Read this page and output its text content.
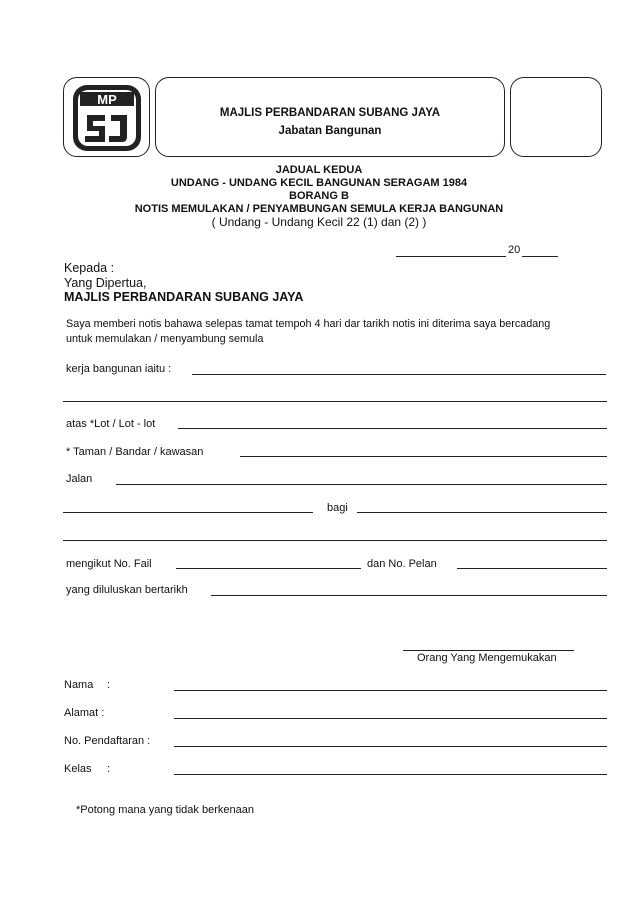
MP
MAJLIS PERBANDARAN SUBANG JAYA
Jabatan Bangunan
JADUAL KEDUA
UNDANG - UNDANG KECIL BANGUNAN SERAGAM 1984
BORANG B
NOTIS MEMULAKAN / PENYAMBUNGAN SEMULA KERJA BANGUNAN
( Undang - Undang Kecil 22 (1) dan (2) )
20
Kepada :
Yang Dipertua,
MAJLIS PERBANDARAN SUBANG JAYA
Saya memberi notis bahawa selepas tamat tempoh 4 hari dar tarikh notis ini diterima saya bercadang
untuk memulakan / menyambung semula
kerja bangunan iaitu :
atas *Lot / Lot - lot
* Taman / Bandar / kawasan
Jalan
bagi
mengikut No. Fail	dan No. Pelan
yang diluluskan bertarikh
Orang Yang Mengemukakan
Nama :
Alamat :
No. Pendaftaran :
Kelas :
*Potong mana yang tidak berkenaan
